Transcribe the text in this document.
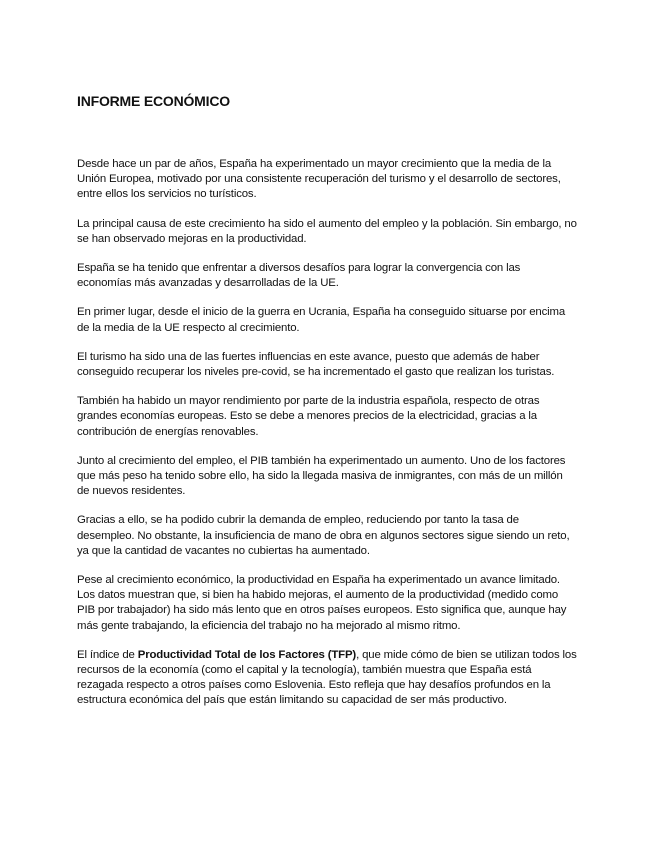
INFORME ECONÓMICO

Desde hace un par de años, España ha experimentado un mayor crecimiento que la media de la Unión Europea, motivado por una consistente recuperación del turismo y el desarrollo de sectores, entre ellos los servicios no turísticos.

La principal causa de este crecimiento ha sido el aumento del empleo y la población. Sin embargo, no se han observado mejoras en la productividad.

España se ha tenido que enfrentar a diversos desafíos para lograr la convergencia con las economías más avanzadas y desarrolladas de la UE.

En primer lugar, desde el inicio de la guerra en Ucrania, España ha conseguido situarse por encima de la media de la UE respecto al crecimiento.

El turismo ha sido una de las fuertes influencias en este avance, puesto que además de haber conseguido recuperar los niveles pre-covid, se ha incrementado el gasto que realizan los turistas.

También ha habido un mayor rendimiento por parte de la industria española, respecto de otras grandes economías europeas. Esto se debe a menores precios de la electricidad, gracias a la contribución de energías renovables.

Junto al crecimiento del empleo, el PIB también ha experimentado un aumento. Uno de los factores que más peso ha tenido sobre ello, ha sido la llegada masiva de inmigrantes, con más de un millón de nuevos residentes.

Gracias a ello, se ha podido cubrir la demanda de empleo, reduciendo por tanto la tasa de desempleo. No obstante, la insuficiencia de mano de obra en algunos sectores sigue siendo un reto, ya que la cantidad de vacantes no cubiertas ha aumentado.

Pese al crecimiento económico, la productividad en España ha experimentado un avance limitado. Los datos muestran que, si bien ha habido mejoras, el aumento de la productividad (medido como PIB por trabajador) ha sido más lento que en otros países europeos. Esto significa que, aunque hay más gente trabajando, la eficiencia del trabajo no ha mejorado al mismo ritmo.

El índice de Productividad Total de los Factores (TFP), que mide cómo de bien se utilizan todos los recursos de la economía (como el capital y la tecnología), también muestra que España está rezagada respecto a otros países como Eslovenia. Esto refleja que hay desafíos profundos en la estructura económica del país que están limitando su capacidad de ser más productivo.
